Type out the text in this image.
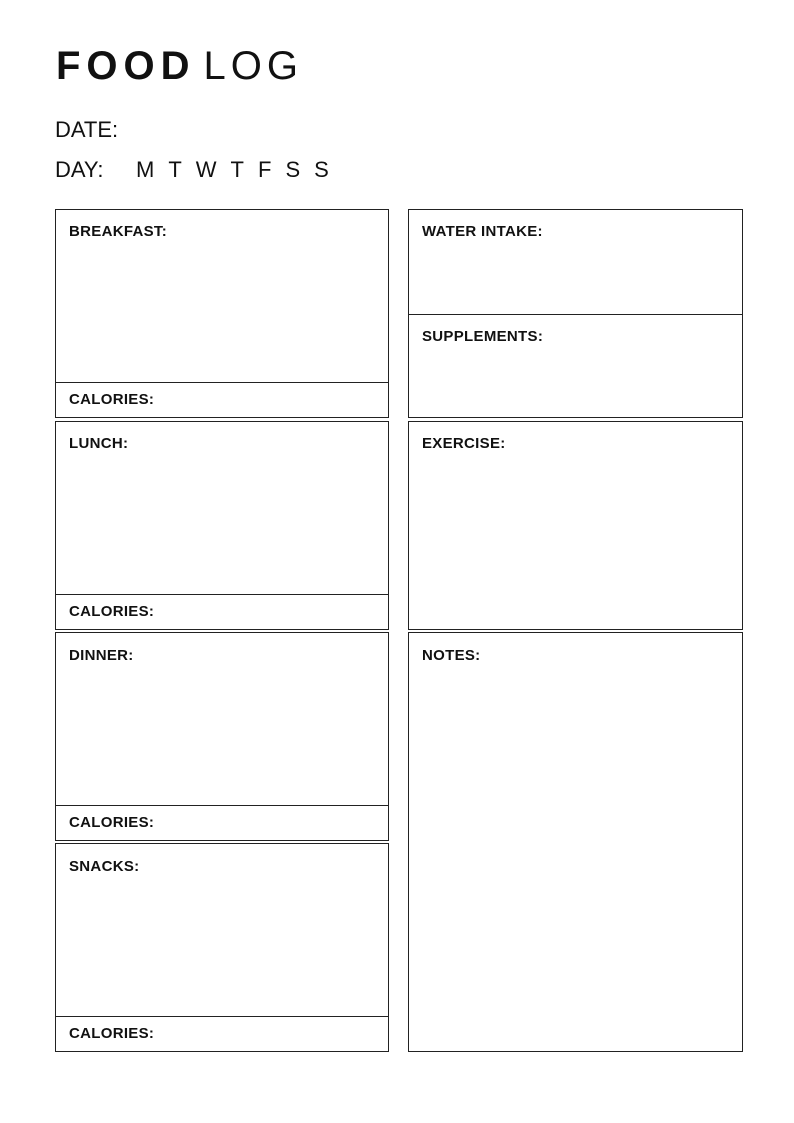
FOOD LOG
DATE:
DAY: M T W T F S S
BREAKFAST:
CALORIES:
LUNCH:
CALORIES:
DINNER:
CALORIES:
SNACKS:
CALORIES:
WATER INTAKE:
SUPPLEMENTS:
EXERCISE:
NOTES:
